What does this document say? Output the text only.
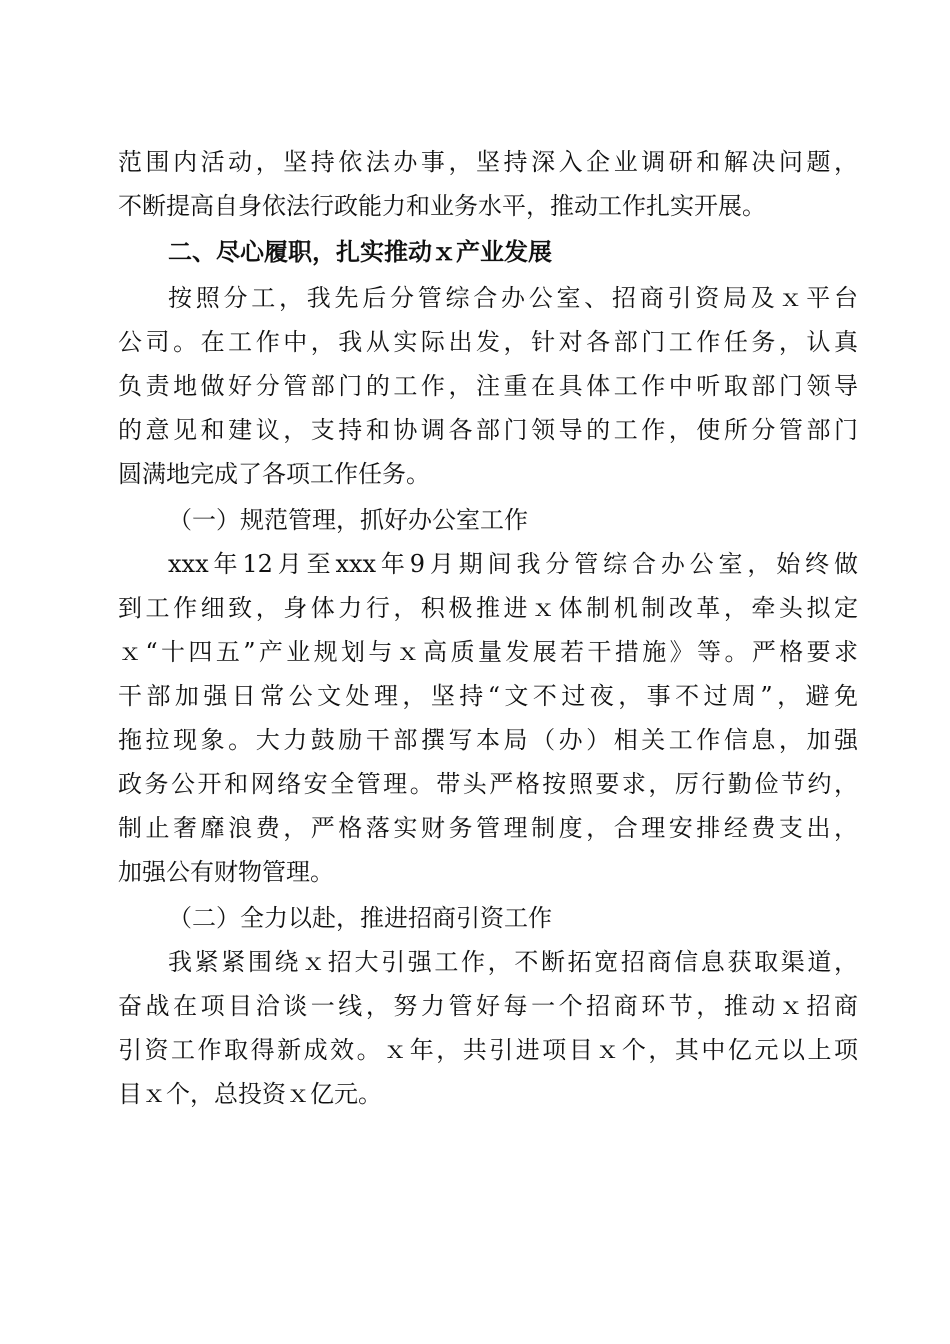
范围内活动，坚持依法办事，坚持深入企业调研和解决问题，
不断提高自身依法行政能力和业务水平，推动工作扎实开展。
二、尽心履职，扎实推动ｘ产业发展
按照分工，我先后分管综合办公室、招商引资局及ｘ平台
公司。在工作中，我从实际出发，针对各部门工作任务，认真
负责地做好分管部门的工作，注重在具体工作中听取部门领导
的意见和建议，支持和协调各部门领导的工作，使所分管部门
圆满地完成了各项工作任务。
（一）规范管理，抓好办公室工作
xxx年12月至xxx年9月期间我分管综合办公室，始终做
到工作细致，身体力行，积极推进ｘ体制机制改革，牵头拟定
ｘ“十四五”产业规划与ｘ高质量发展若干措施》等。严格要求
干部加强日常公文处理，坚持“文不过夜，事不过周”，避免
拖拉现象。大力鼓励干部撰写本局（办）相关工作信息，加强
政务公开和网络安全管理。带头严格按照要求，厉行勤俭节约，
制止奢靡浪费，严格落实财务管理制度，合理安排经费支出，
加强公有财物管理。
（二）全力以赴，推进招商引资工作
我紧紧围绕ｘ招大引强工作，不断拓宽招商信息获取渠道，
奋战在项目洽谈一线，努力管好每一个招商环节，推动ｘ招商
引资工作取得新成效。ｘ年，共引进项目ｘ个，其中亿元以上项
目ｘ个，总投资ｘ亿元。
